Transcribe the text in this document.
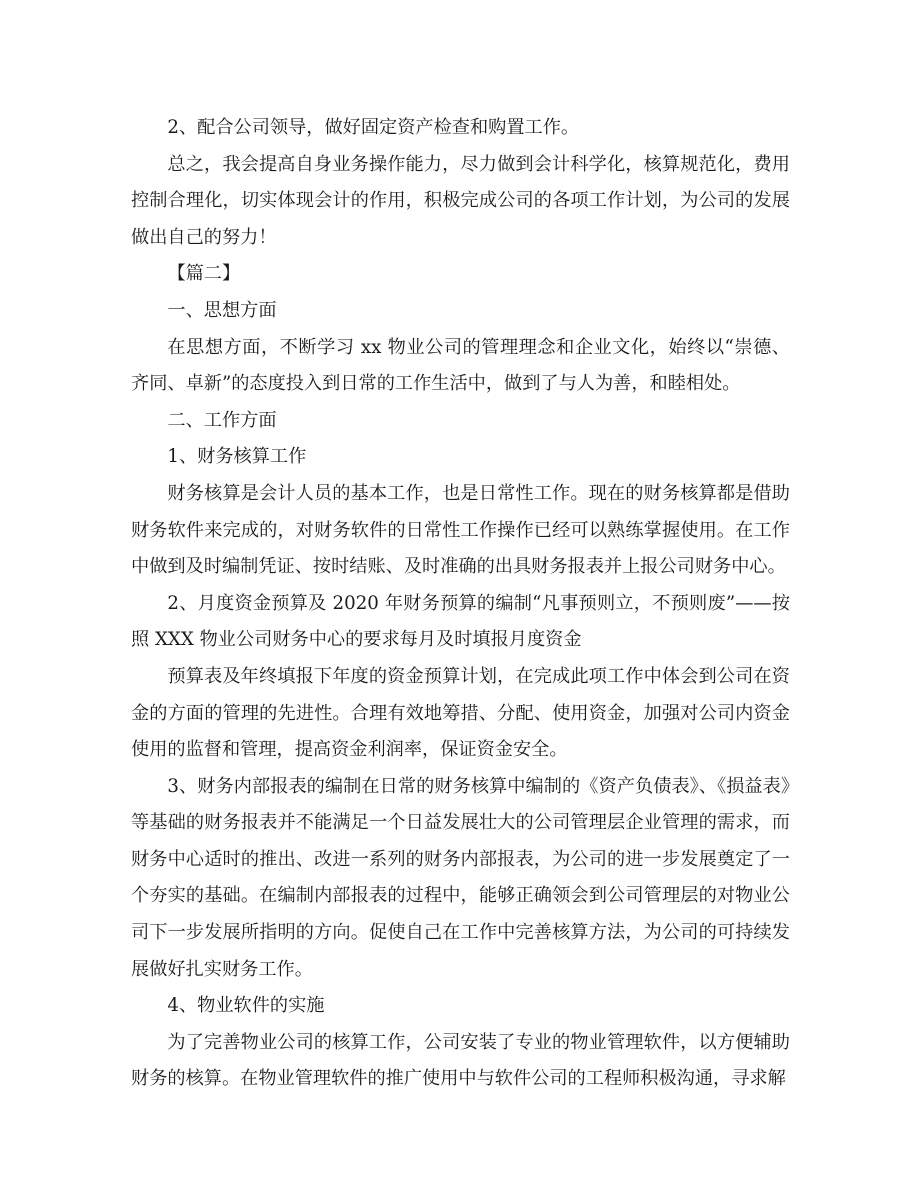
2、配合公司领导，做好固定资产检查和购置工作。

总之，我会提高自身业务操作能力，尽力做到会计科学化，核算规范化，费用控制合理化，切实体现会计的作用，积极完成公司的各项工作计划，为公司的发展做出自己的努力！

【篇二】

一、思想方面

在思想方面，不断学习 xx 物业公司的管理理念和企业文化，始终以“崇德、齐同、卓新”的态度投入到日常的工作生活中，做到了与人为善，和睦相处。

二、工作方面

1、财务核算工作

财务核算是会计人员的基本工作，也是日常性工作。现在的财务核算都是借助财务软件来完成的，对财务软件的日常性工作操作已经可以熟练掌握使用。在工作中做到及时编制凭证、按时结账、及时准确的出具财务报表并上报公司财务中心。

2、月度资金预算及 2020 年财务预算的编制“凡事预则立，不预则废”——按照 XXX 物业公司财务中心的要求每月及时填报月度资金

预算表及年终填报下年度的资金预算计划，在完成此项工作中体会到公司在资金的方面的管理的先进性。合理有效地筹措、分配、使用资金，加强对公司内资金使用的监督和管理，提高资金利润率，保证资金安全。

3、财务内部报表的编制在日常的财务核算中编制的《资产负债表》、《损益表》等基础的财务报表并不能满足一个日益发展壮大的公司管理层企业管理的需求，而财务中心适时的推出、改进一系列的财务内部报表，为公司的进一步发展奠定了一个夯实的基础。在编制内部报表的过程中，能够正确领会到公司管理层的对物业公司下一步发展所指明的方向。促使自己在工作中完善核算方法，为公司的可持续发展做好扎实财务工作。

4、物业软件的实施

为了完善物业公司的核算工作，公司安装了专业的物业管理软件，以方便辅助财务的核算。在物业管理软件的推广使用中与软件公司的工程师积极沟通，寻求解
